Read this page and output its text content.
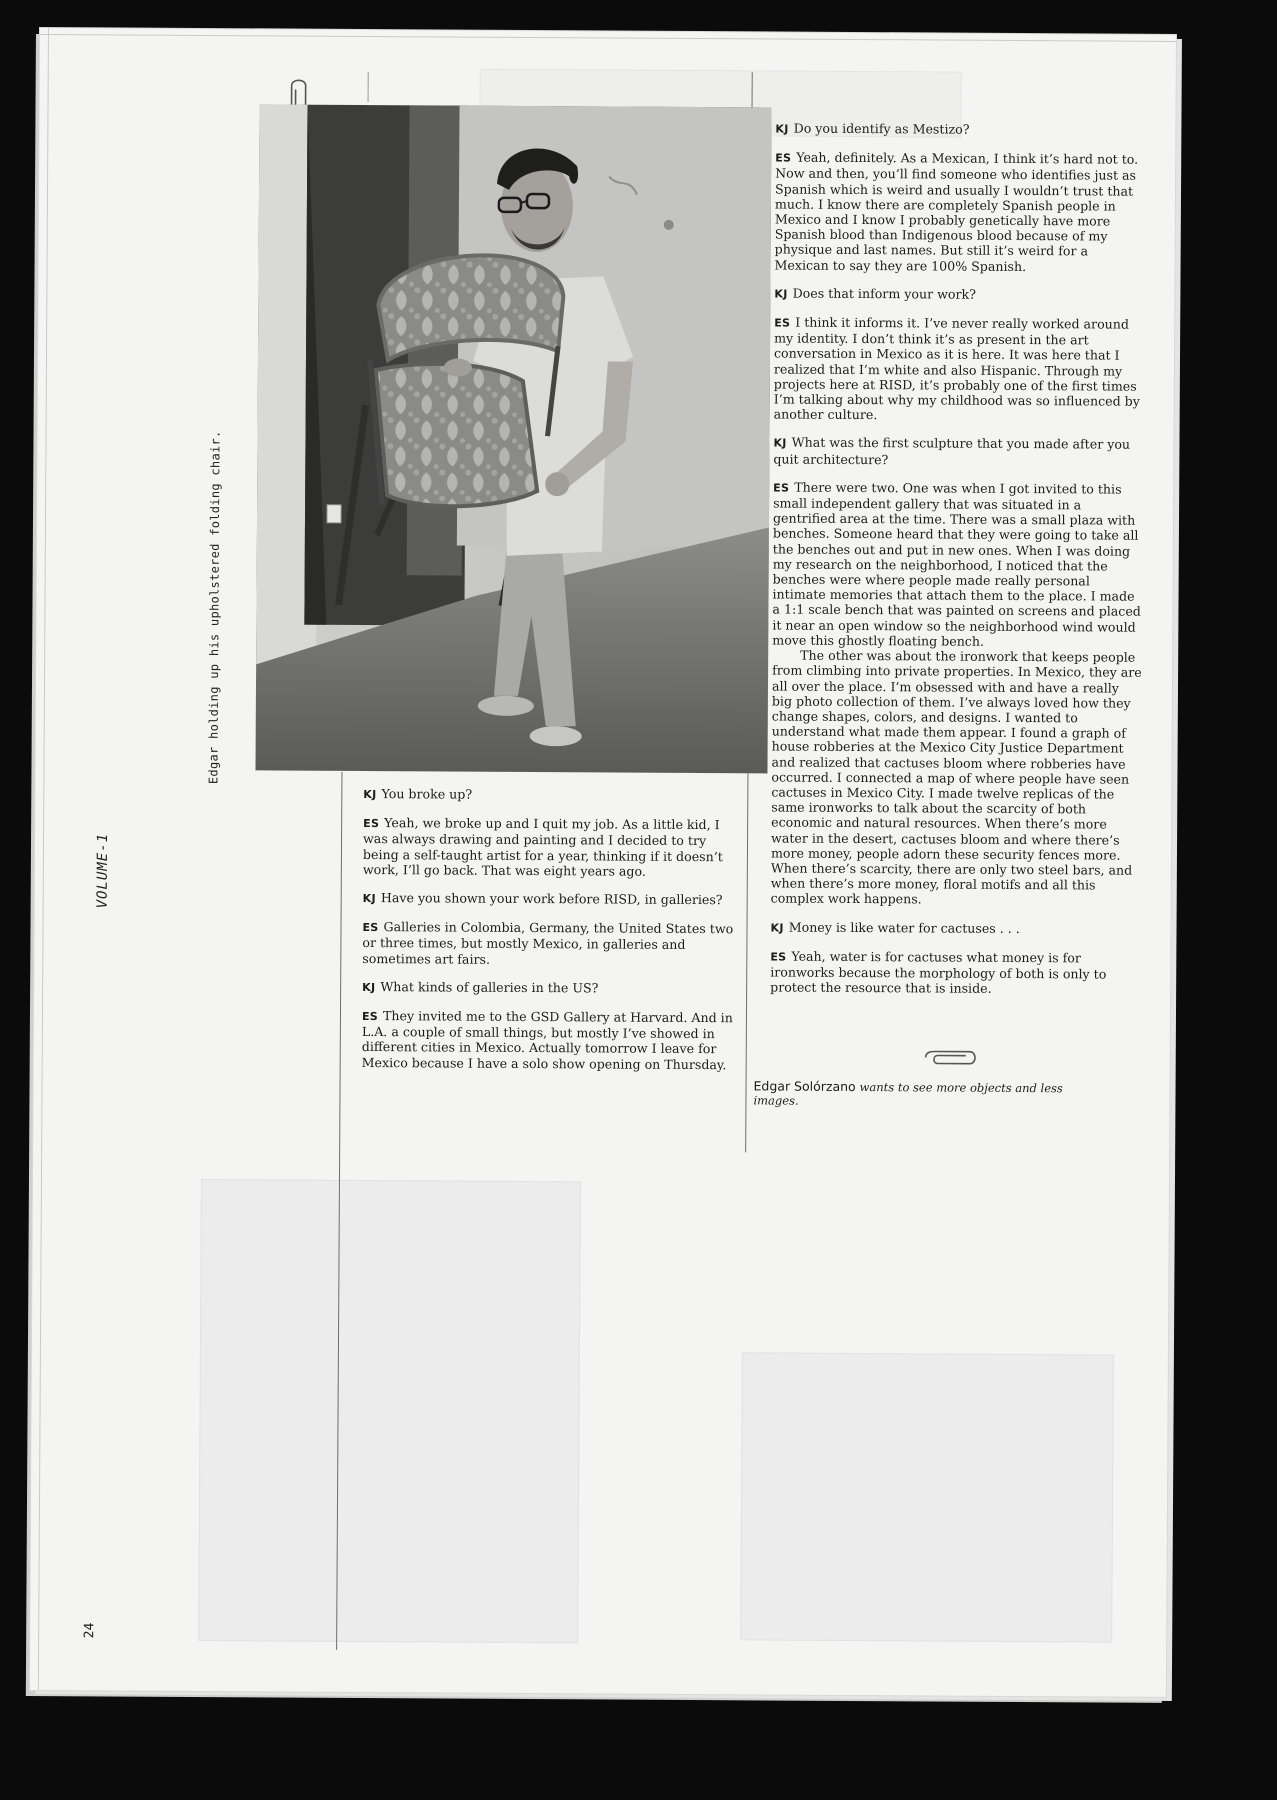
Edgar holding up his upholstered folding chair.
VOLUME-1
24

KJ You broke up?

ES Yeah, we broke up and I quit my job. As a little kid, I was always drawing and painting and I decided to try being a self-taught artist for a year, thinking if it doesn’t work, I’ll go back. That was eight years ago.

KJ Have you shown your work before RISD, in galleries?

ES Galleries in Colombia, Germany, the United States two or three times, but mostly Mexico, in galleries and sometimes art fairs.

KJ What kinds of galleries in the US?

ES They invited me to the GSD Gallery at Harvard. And in L.A. a couple of small things, but mostly I’ve showed in different cities in Mexico. Actually tomorrow I leave for Mexico because I have a solo show opening on Thursday.

KJ Do you identify as Mestizo?

ES Yeah, definitely. As a Mexican, I think it’s hard not to. Now and then, you’ll find someone who identifies just as Spanish which is weird and usually I wouldn’t trust that much. I know there are completely Spanish people in Mexico and I know I probably genetically have more Spanish blood than Indigenous blood because of my physique and last names. But still it’s weird for a Mexican to say they are 100% Spanish.

KJ Does that inform your work?

ES I think it informs it. I’ve never really worked around my identity. I don’t think it’s as present in the art conversation in Mexico as it is here. It was here that I realized that I’m white and also Hispanic. Through my projects here at RISD, it’s probably one of the first times I’m talking about why my childhood was so influenced by another culture.

KJ What was the first sculpture that you made after you quit architecture?

ES There were two. One was when I got invited to this small independent gallery that was situated in a gentrified area at the time. There was a small plaza with benches. Someone heard that they were going to take all the benches out and put in new ones. When I was doing my research on the neighborhood, I noticed that the benches were where people made really personal intimate memories that attach them to the place. I made a 1:1 scale bench that was painted on screens and placed it near an open window so the neighborhood wind would move this ghostly floating bench.

The other was about the ironwork that keeps people from climbing into private properties. In Mexico, they are all over the place. I’m obsessed with and have a really big photo collection of them. I’ve always loved how they change shapes, colors, and designs. I wanted to understand what made them appear. I found a graph of house robberies at the Mexico City Justice Department and realized that cactuses bloom where robberies have occurred. I connected a map of where people have seen cactuses in Mexico City. I made twelve replicas of the same ironworks to talk about the scarcity of both economic and natural resources. When there’s more water in the desert, cactuses bloom and where there’s more money, people adorn these security fences more. When there’s scarcity, there are only two steel bars, and when there’s more money, floral motifs and all this complex work happens.

KJ Money is like water for cactuses . . .

ES Yeah, water is for cactuses what money is for ironworks because the morphology of both is only to protect the resource that is inside.

Edgar Solórzano wants to see more objects and less images.
